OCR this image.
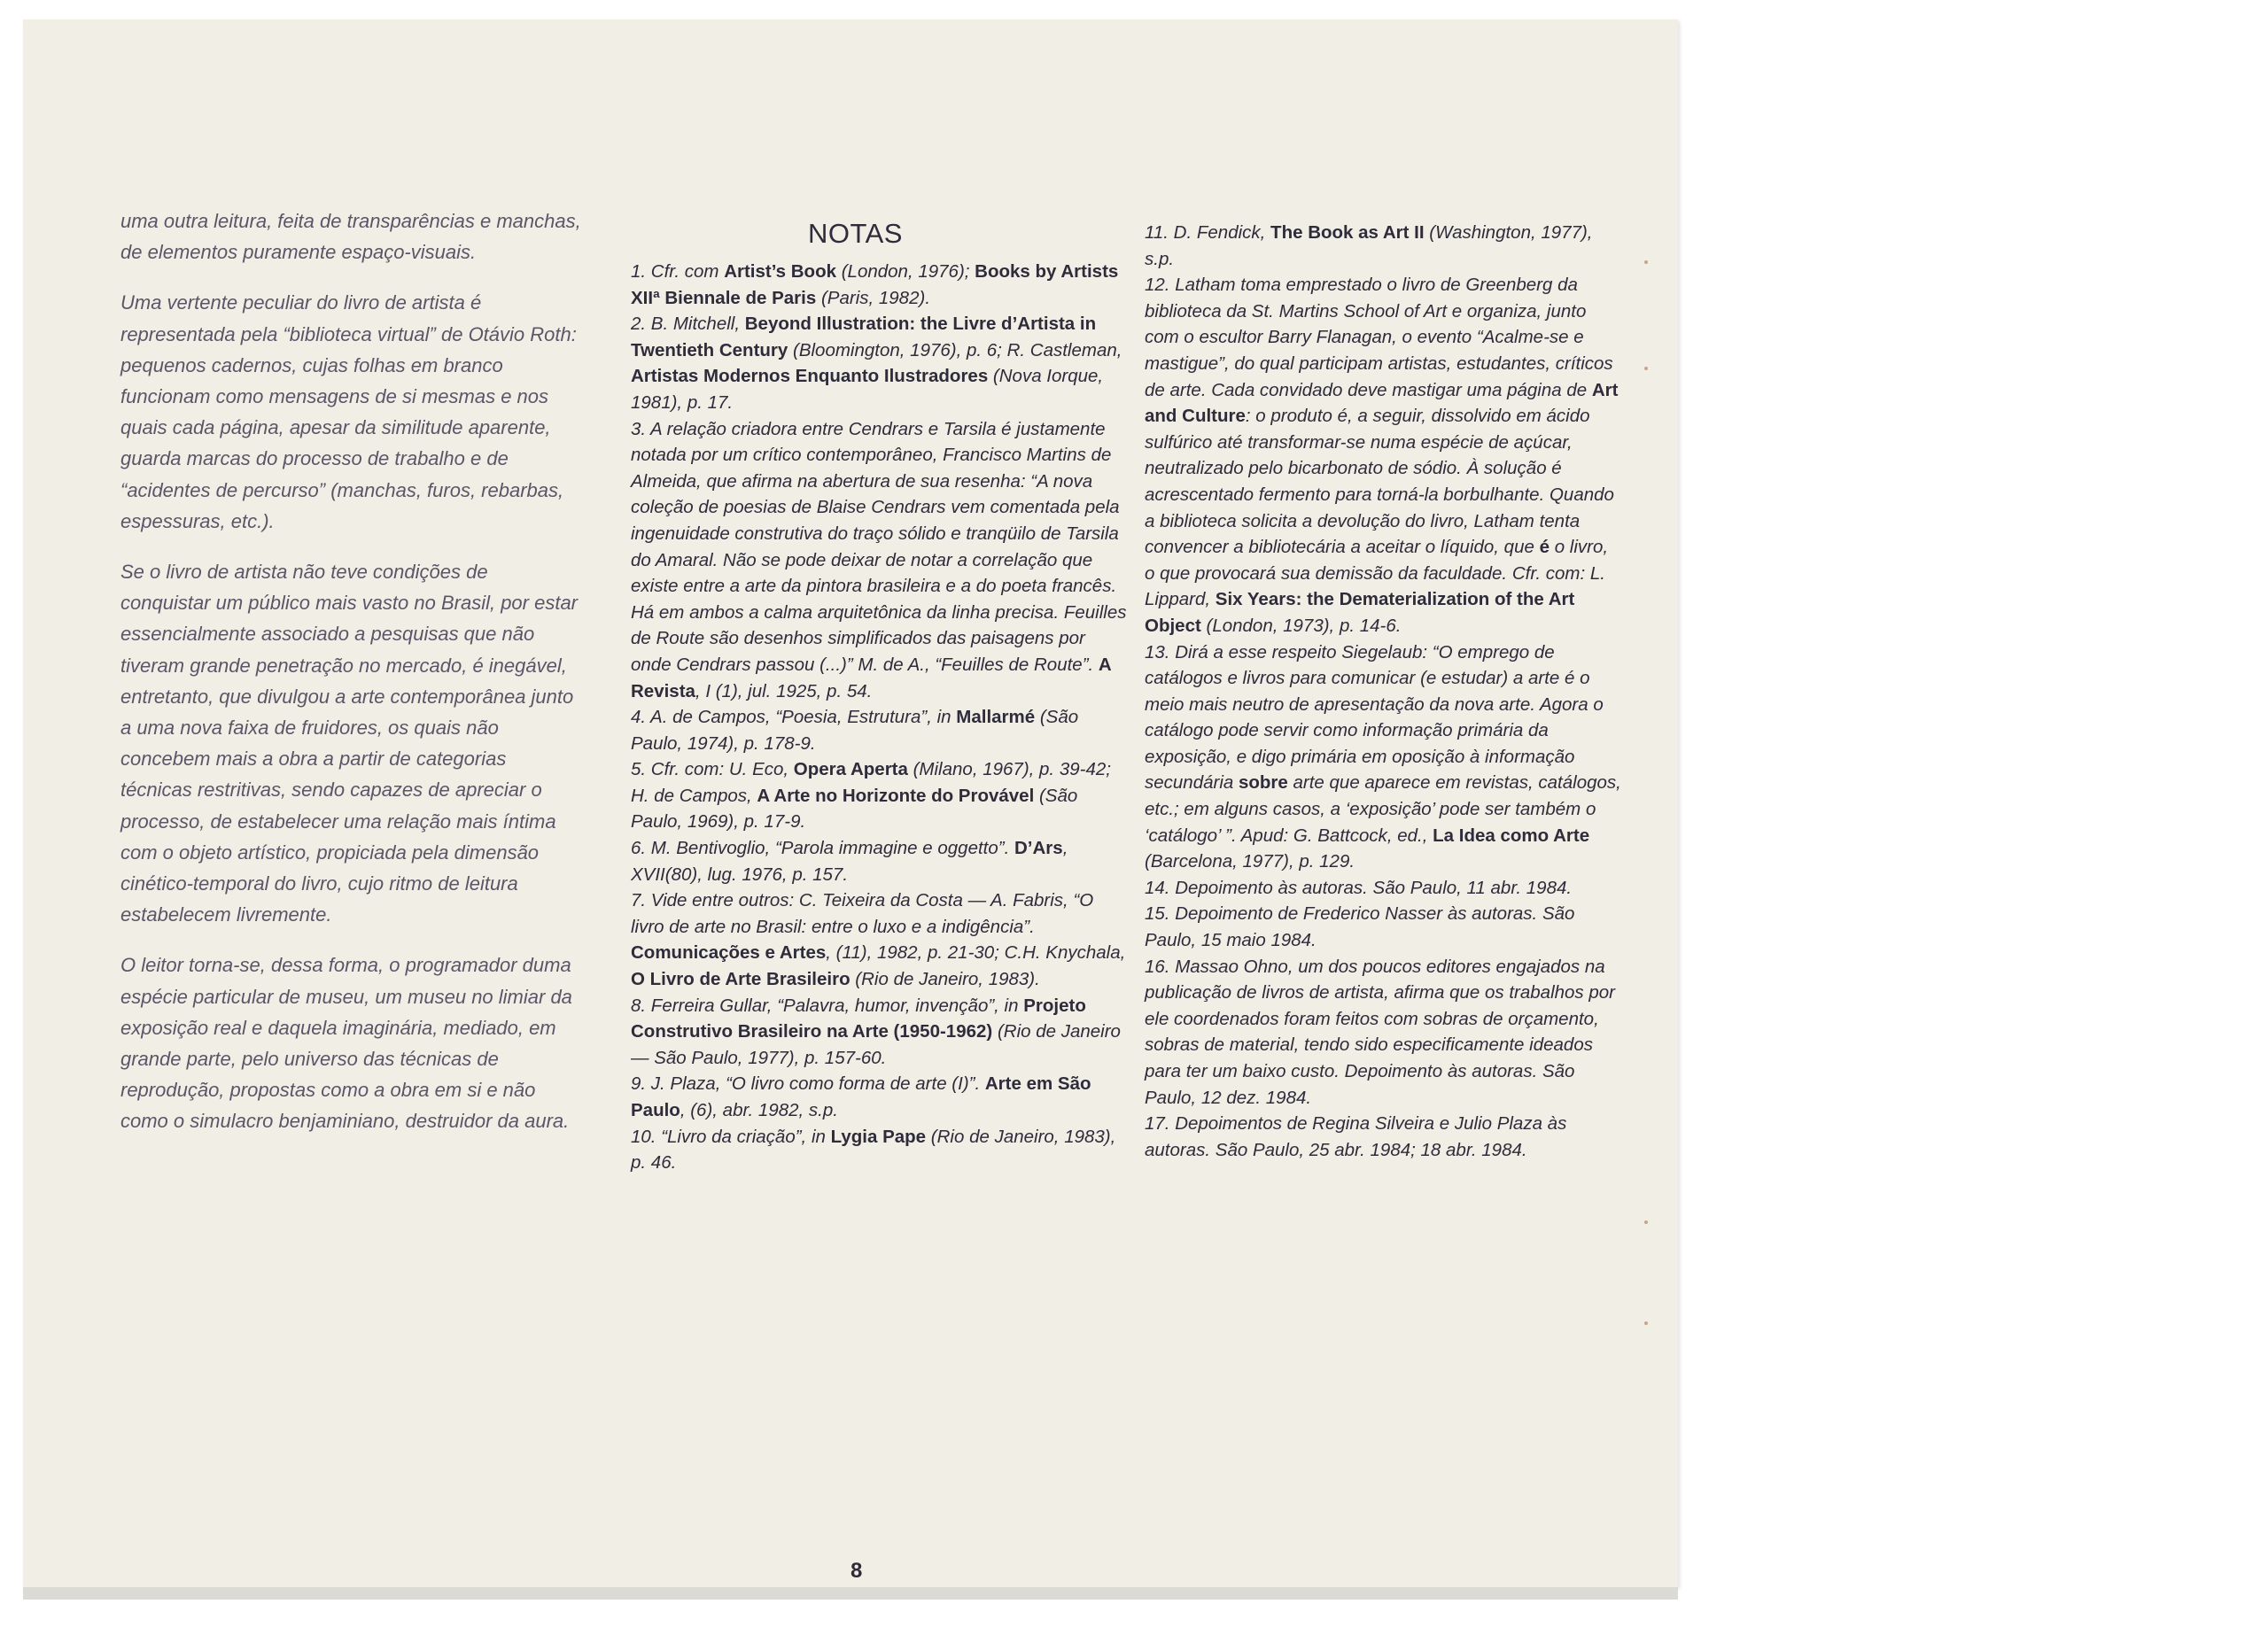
uma outra leitura, feita de transparências e manchas, de elementos puramente espaço-visuais.

Uma vertente peculiar do livro de artista é representada pela “biblioteca virtual” de Otávio Roth: pequenos cadernos, cujas folhas em branco funcionam como mensagens de si mesmas e nos quais cada página, apesar da similitude aparente, guarda marcas do processo de trabalho e de “acidentes de percurso” (manchas, furos, rebarbas, espessuras, etc.).

Se o livro de artista não teve condições de conquistar um público mais vasto no Brasil, por estar essencialmente associado a pesquisas que não tiveram grande penetração no mercado, é inegável, entretanto, que divulgou a arte contemporânea junto a uma nova faixa de fruidores, os quais não concebem mais a obra a partir de categorias técnicas restritivas, sendo capazes de apreciar o processo, de estabelecer uma relação mais íntima com o objeto artístico, propiciada pela dimensão cinético-temporal do livro, cujo ritmo de leitura estabelecem livremente.

O leitor torna-se, dessa forma, o programador duma espécie particular de museu, um museu no limiar da exposição real e daquela imaginária, mediado, em grande parte, pelo universo das técnicas de reprodução, propostas como a obra em si e não como o simulacro benjaminiano, destruidor da aura.

NOTAS

1. Cfr. com Artist’s Book (London, 1976); Books by Artists XIIª Biennale de Paris (Paris, 1982).

2. B. Mitchell, Beyond Illustration: the Livre d’Artista in Twentieth Century (Bloomington, 1976), p. 6; R. Castleman, Artistas Modernos Enquanto Ilustradores (Nova Iorque, 1981), p. 17.

3. A relação criadora entre Cendrars e Tarsila é justamente notada por um crítico contemporâneo, Francisco Martins de Almeida, que afirma na abertura de sua resenha: “A nova coleção de poesias de Blaise Cendrars vem comentada pela ingenuidade construtiva do traço sólido e tranqüilo de Tarsila do Amaral. Não se pode deixar de notar a correlação que existe entre a arte da pintora brasileira e a do poeta francês. Há em ambos a calma arquitetônica da linha precisa. Feuilles de Route são desenhos simplificados das paisagens por onde Cendrars passou (...)” M. de A., “Feuilles de Route”. A Revista, I (1), jul. 1925, p. 54.

4. A. de Campos, “Poesia, Estrutura”, in Mallarmé (São Paulo, 1974), p. 178-9.

5. Cfr. com: U. Eco, Opera Aperta (Milano, 1967), p. 39-42; H. de Campos, A Arte no Horizonte do Provável (São Paulo, 1969), p. 17-9.

6. M. Bentivoglio, “Parola immagine e oggetto”. D’Ars, XVII(80), lug. 1976, p. 157.

7. Vide entre outros: C. Teixeira da Costa — A. Fabris, “O livro de arte no Brasil: entre o luxo e a indigência”. Comunicações e Artes, (11), 1982, p. 21-30; C.H. Knychala, O Livro de Arte Brasileiro (Rio de Janeiro, 1983).

8. Ferreira Gullar, “Palavra, humor, invenção”, in Projeto Construtivo Brasileiro na Arte (1950-1962) (Rio de Janeiro — São Paulo, 1977), p. 157-60.

9. J. Plaza, “O livro como forma de arte (I)”. Arte em São Paulo, (6), abr. 1982, s.p.

10. “Livro da criação”, in Lygia Pape (Rio de Janeiro, 1983), p. 46.

11. D. Fendick, The Book as Art II (Washington, 1977), s.p.

12. Latham toma emprestado o livro de Greenberg da biblioteca da St. Martins School of Art e organiza, junto com o escultor Barry Flanagan, o evento “Acalme-se e mastigue”, do qual participam artistas, estudantes, críticos de arte. Cada convidado deve mastigar uma página de Art and Culture: o produto é, a seguir, dissolvido em ácido sulfúrico até transformar-se numa espécie de açúcar, neutralizado pelo bicarbonato de sódio. À solução é acrescentado fermento para torná-la borbulhante. Quando a biblioteca solicita a devolução do livro, Latham tenta convencer a bibliotecária a aceitar o líquido, que é o livro, o que provocará sua demissão da faculdade. Cfr. com: L. Lippard, Six Years: the Dematerialization of the Art Object (London, 1973), p. 14-6.

13. Dirá a esse respeito Siegelaub: “O emprego de catálogos e livros para comunicar (e estudar) a arte é o meio mais neutro de apresentação da nova arte. Agora o catálogo pode servir como informação primária da exposição, e digo primária em oposição à informação secundária sobre arte que aparece em revistas, catálogos, etc.; em alguns casos, a ‘exposição’ pode ser também o ‘catálogo’ ”. Apud: G. Battcock, ed., La Idea como Arte (Barcelona, 1977), p. 129.

14. Depoimento às autoras. São Paulo, 11 abr. 1984.

15. Depoimento de Frederico Nasser às autoras. São Paulo, 15 maio 1984.

16. Massao Ohno, um dos poucos editores engajados na publicação de livros de artista, afirma que os trabalhos por ele coordenados foram feitos com sobras de orçamento, sobras de material, tendo sido especificamente ideados para ter um baixo custo. Depoimento às autoras. São Paulo, 12 dez. 1984.

17. Depoimentos de Regina Silveira e Julio Plaza às autoras. São Paulo, 25 abr. 1984; 18 abr. 1984.

8
